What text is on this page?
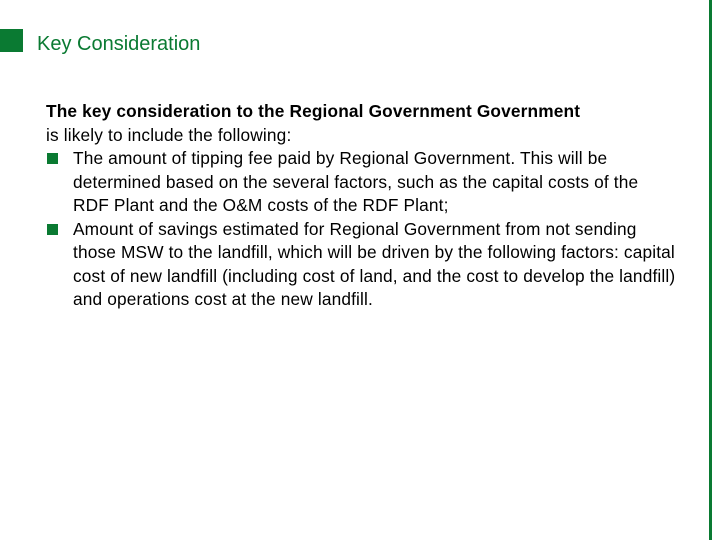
Key Consideration

The key consideration to the Regional Government Government
is likely to include the following:

The amount of tipping fee paid by Regional Government. This will be determined based on the several factors, such as the capital costs of the RDF Plant and the O&M costs of the RDF Plant;
Amount of savings estimated for Regional Government from not sending those MSW to the landfill, which will be driven by the following factors: capital cost of new landfill (including cost of land, and the cost to develop the landfill) and operations cost at the new landfill.
